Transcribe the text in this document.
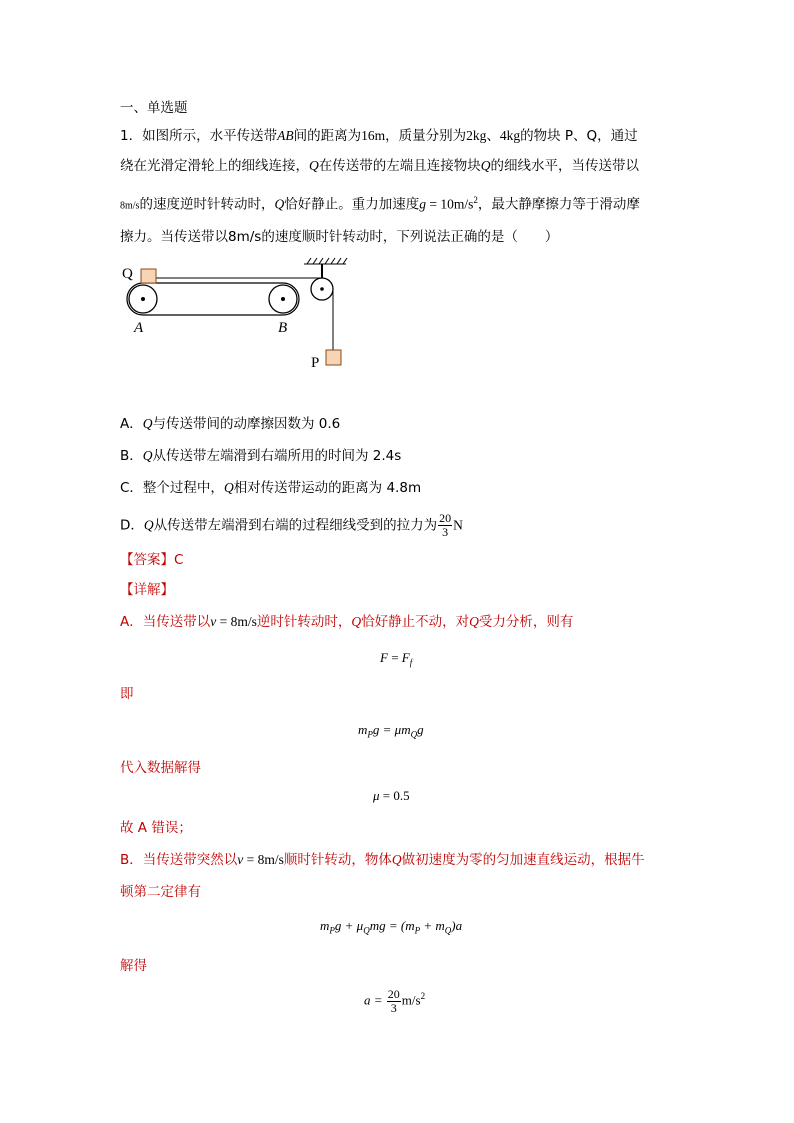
一、单选题
1．如图所示，水平传送带AB间的距离为16m，质量分别为2kg、4kg的物块 P、Q，通过
绕在光滑定滑轮上的细线连接，Q在传送带的左端且连接物块Q的细线水平，当传送带以
8m/s的速度逆时针转动时，Q恰好静止。重力加速度$g = 10m/s^2$，最大静摩擦力等于滑动摩
擦力。当传送带以8m/s的速度顺时针转动时，下列说法正确的是（　　）
Q
A	B
P
A．Q与传送带间的动摩擦因数为 0.6
B．Q从传送带左端滑到右端所用的时间为 2.4s
C．整个过程中，Q相对传送带运动的距离为 4.8m
D．Q从传送带左端滑到右端的过程细线受到的拉力为 $\frac{20}{3}$ N
【答案】C
【详解】
A．当传送带以v = 8m/s逆时针转动时，Q恰好静止不动，对Q受力分析，则有
$F = F_f$
即
$m_Pg = \mu m_Qg$
代入数据解得
μ = 0.5
故 A 错误；
B．当传送带突然以v = 8m/s顺时针转动，物体Q做初速度为零的匀加速直线运动，根据牛
顿第二定律有
$m_Pg + \mu_Qmg = (m_P + m_Q)a$
解得
$a = \frac{20}{3} m/s^2$
